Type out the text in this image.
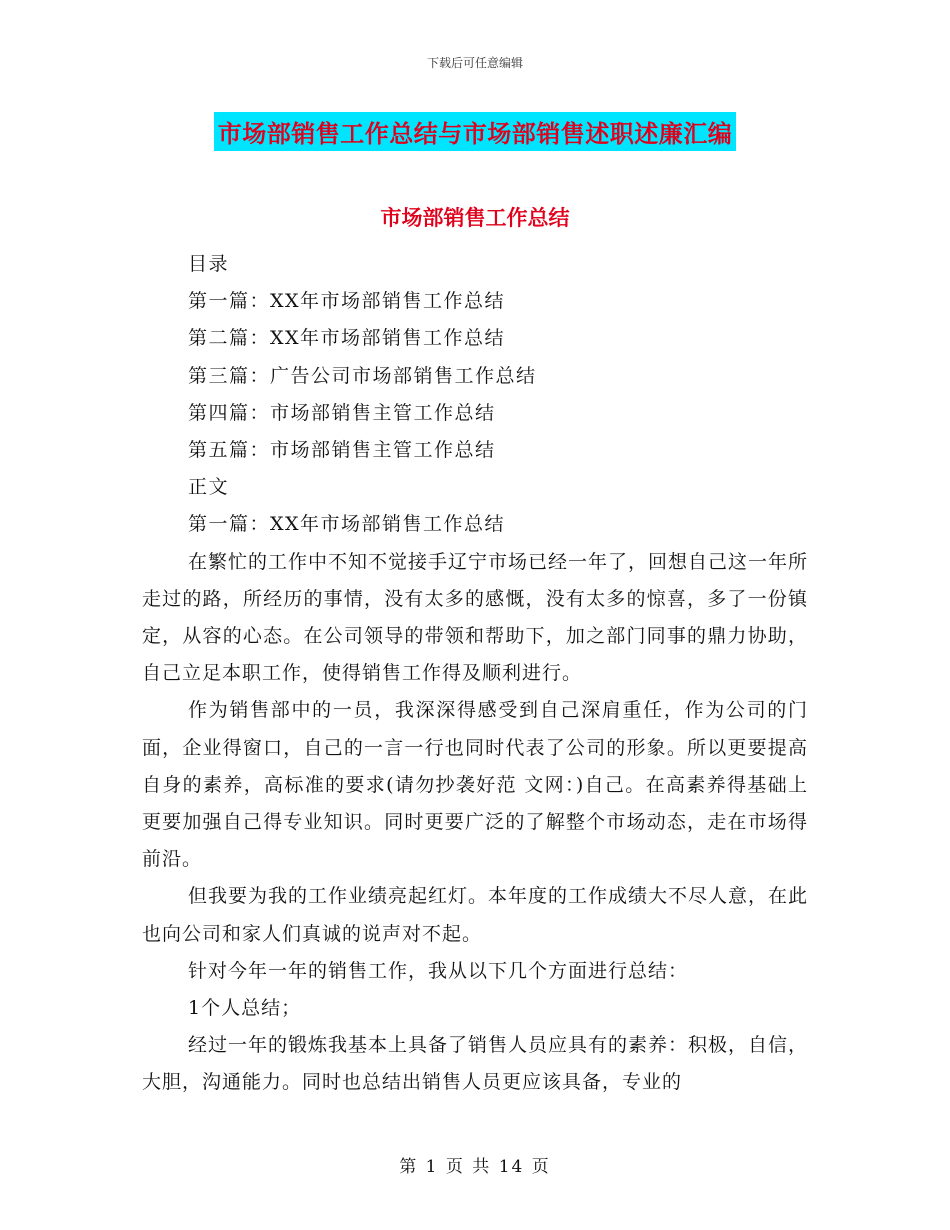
下载后可任意编辑
市场部销售工作总结与市场部销售述职述廉汇编
市场部销售工作总结

目录

第一篇：XX年市场部销售工作总结

第二篇：XX年市场部销售工作总结

第三篇：广告公司市场部销售工作总结

第四篇：市场部销售主管工作总结

第五篇：市场部销售主管工作总结

正文

第一篇：XX年市场部销售工作总结

在繁忙的工作中不知不觉接手辽宁市场已经一年了，回想自己这一年所走过的路，所经历的事情，没有太多的感慨，没有太多的惊喜，多了一份镇定，从容的心态。在公司领导的带领和帮助下，加之部门同事的鼎力协助，自己立足本职工作，使得销售工作得及顺利进行。

作为销售部中的一员，我深深得感受到自己深肩重任，作为公司的门面，企业得窗口，自己的一言一行也同时代表了公司的形象。所以更要提高自身的素养，高标准的要求(请勿抄袭好范 文网：)自己。在高素养得基础上更要加强自己得专业知识。同时更要广泛的了解整个市场动态，走在市场得前沿。

但我要为我的工作业绩亮起红灯。本年度的工作成绩大不尽人意，在此也向公司和家人们真诚的说声对不起。

针对今年一年的销售工作，我从以下几个方面进行总结：

1个人总结；

经过一年的锻炼我基本上具备了销售人员应具有的素养：积极，自信，大胆，沟通能力。同时也总结出销售人员更应该具备，专业的

第 1 页 共 14 页
